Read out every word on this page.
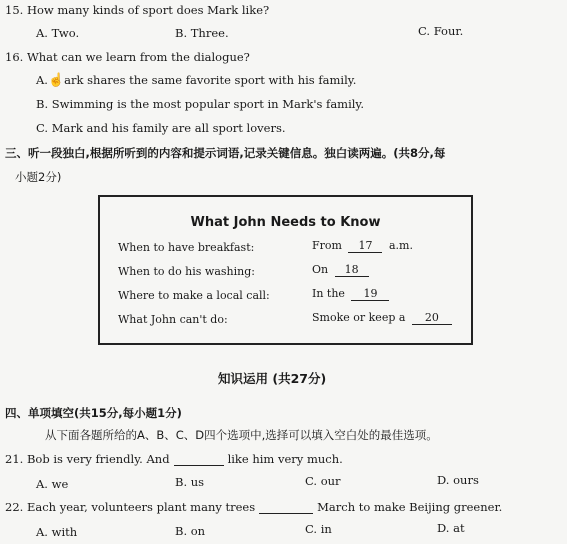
15. How many kinds of sport does Mark like?
A. Two.	B. Three.	C. Four.
16. What can we learn from the dialogue?
A.☝ark shares the same favorite sport with his family.
B. Swimming is the most popular sport in Mark's family.
C. Mark and his family are all sport lovers.
三、听一段独白,根据所听到的内容和提示词语,记录关键信息。独白读两遍。(共8分,每
小题2分)
What John Needs to Know
When to have breakfast:	From 17 a.m.
When to do his washing:	On 18
Where to make a local call:	In the 19
What John can't do:	Smoke or keep a 20
知识运用 (共27分)
四、单项填空(共15分,每小题1分)
从下面各题所给的A、B、C、D四个选项中,选择可以填入空白处的最佳选项。
21. Bob is very friendly. And	like him very much.
A. we	B. us	C. our	D. ours
22. Each year, volunteers plant many trees	March to make Beijing greener.
A. with	B. on	C. in	D. at
